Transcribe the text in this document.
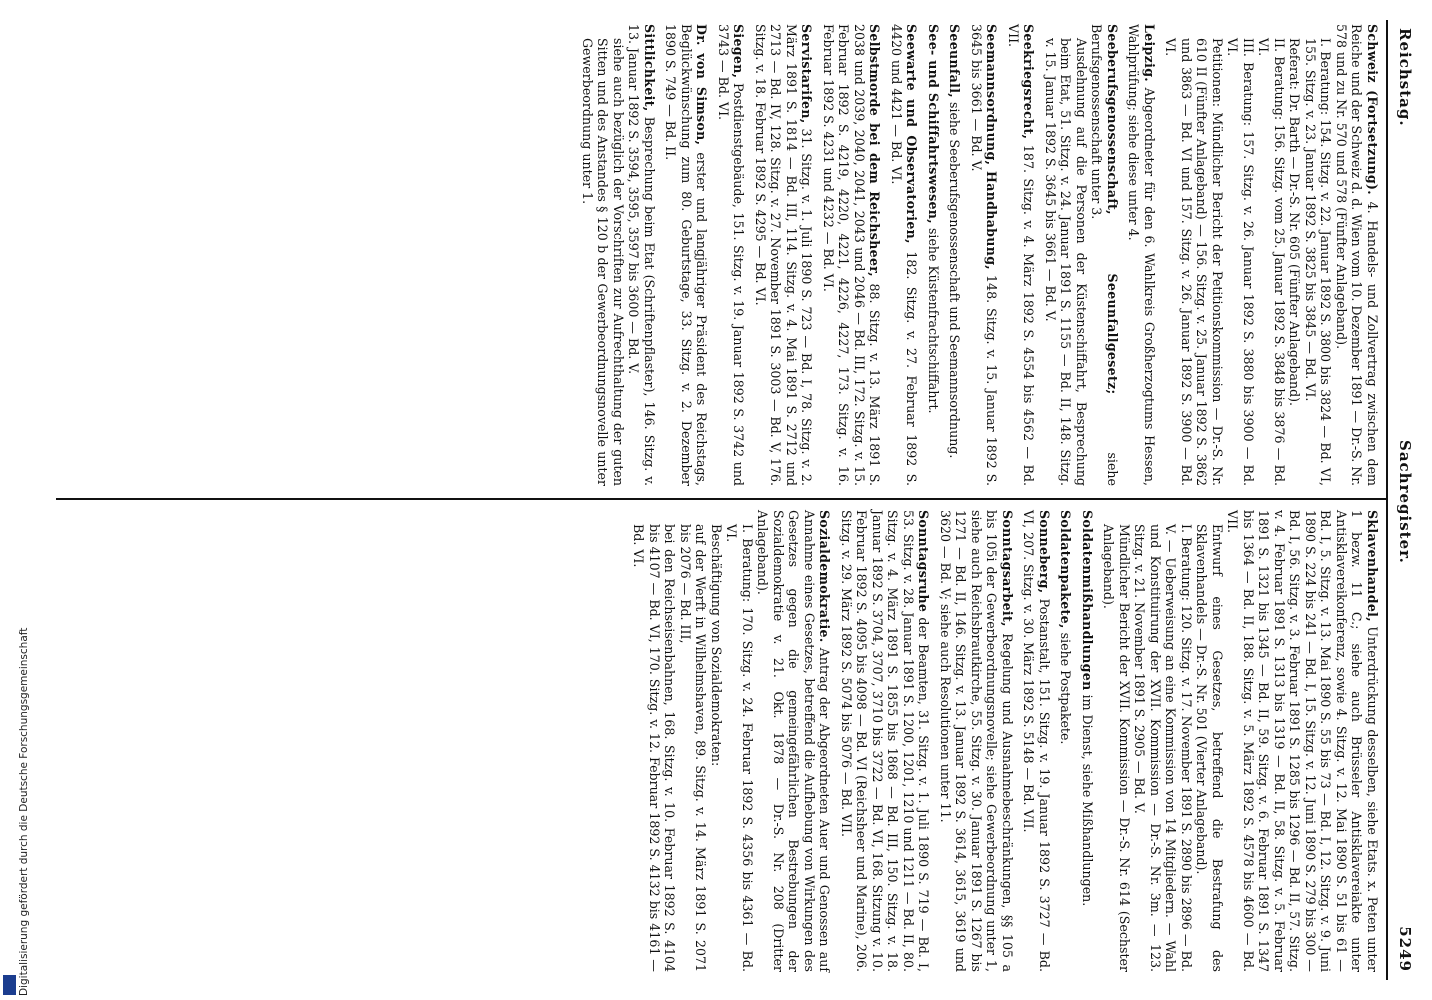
Reichstag.
Sachregister.
5249
Schweiz (Fortsetzung). 4. Handels- und Zollvertrag zwischen dem Reiche und der Schweiz d. d. Wien vom 10. Dezember 1891 — Dr.-S. Nr. 578 und zu Nr. 570 und 578 (Fünfter Anlageband).
I. Beratung: 154. Sitzg. v. 22. Januar 1892 S. 3800 bis 3824 — Bd. VI, 155. Sitzg. v. 23. Januar 1892 S. 3825 bis 3845 — Bd. VI.
Referat: Dr. Barth — Dr.-S. Nr. 605 (Fünfter Anlageband).
II. Beratung: 156. Sitzg. vom 25. Januar 1892 S. 3848 bis 3876 — Bd. VI.
III. Beratung: 157. Sitzg. v. 26. Januar 1892 S. 3880 bis 3900 — Bd. VI.
Petitionen: Mündlicher Bericht der Petitionskommission — Dr.-S. Nr. 610 II (Fünfter Anlageband) — 156. Sitzg. v. 25. Januar 1892 S. 3862 und 3863 — Bd. VI und 157. Sitzg. v. 26. Januar 1892 S. 3900 — Bd. VI.
Leipzig. Abgeordneter für den 6. Wahlkreis Großherzogtums Hessen, Wahlprüfung; siehe diese unter 4.
Seeberufsgenossenschaft, Seeunfallgesetz; siehe Berufsgenossenschaft unter 3.
Ausdehnung auf die Personen der Küstenschiffahrt, Besprechung beim Etat, 51. Sitzg. v. 24. Januar 1891 S. 1155 — Bd. II, 148. Sitzg. v. 15. Januar 1892 S. 3645 bis 3661 — Bd. V.
Seekriegsrecht, 187. Sitzg. v. 4. März 1892 S. 4554 bis 4562 — Bd. VII.
Seemannsordnung, Handhabung, 148. Sitzg. v. 15. Januar 1892 S. 3645 bis 3661 — Bd. V.
Seeunfall, siehe Seeberufsgenossenschaft und Seemannsordnung.
See- und Schiffahrtswesen, siehe Küstenfrachtschiffahrt.
Seewarte und Observatorien, 182. Sitzg. v. 27. Februar 1892 S. 4420 und 4421 — Bd. VI.
Selbstmorde bei dem Reichsheer, 88. Sitzg. v. 13. März 1891 S. 2038 und 2039, 2040, 2041, 2043 und 2046 — Bd. III, 172. Sitzg. v. 15. Februar 1892 S. 4219, 4220, 4221, 4226, 4227, 173. Sitzg. v. 16. Februar 1892 S. 4231 und 4232 — Bd. VI.
Servistarifen, 31. Sitzg. v. 1. Juli 1890 S. 723 — Bd. I, 78. Sitzg. v. 2. März 1891 S. 1814 — Bd. III, 114. Sitzg. v. 4. Mai 1891 S. 2712 und 2713 — Bd. IV, 128. Sitzg. v. 27. November 1891 S. 3003 — Bd. V, 176. Sitzg. v. 18. Februar 1892 S. 4295 — Bd. VI.
Siegen, Postdienstgebäude, 151. Sitzg. v. 19. Januar 1892 S. 3742 und 3743 — Bd. VI.
Dr. von Simson, erster und langjähriger Präsident des Reichstags, Beglückwünschung zum 80. Geburtstage, 33. Sitzg. v. 2. Dezember 1890 S. 749 — Bd. II.
Sittlichkeit, Besprechung beim Etat (Schriftenpflaster), 146. Sitzg. v. 13. Januar 1892 S. 3594, 3595, 3597 bis 3600 — Bd. V.
siehe auch bezüglich der Vorschriften zur Aufrechthaltung der guten Sitten und des Anstandes § 120 b der Gewerbeordnungsnovelle unter Gewerbeordnung unter 1.
Sklavenhandel, Unterdrückung desselben, siehe Etats. x. Peten unter 1 bezw. 11 C.; siehe auch Brüsseler Antisklavereiakte unter Antisklavereikonferenz, sowie 4. Sitzg. v. 12. Mai 1890 S. 51 bis 61 — Bd. I, 5. Sitzg. v. 13. Mai 1890 S. 55 bis 73 — Bd. I, 12. Sitzg. v. 9. Juni 1890 S. 224 bis 241 — Bd. I, 15. Sitzg. v. 12. Juni 1890 S. 279 bis 300 — Bd. I, 56. Sitzg. v. 3. Februar 1891 S. 1285 bis 1296 — Bd. II, 57. Sitzg. v. 4. Februar 1891 S. 1313 bis 1319 — Bd. II, 58. Sitzg. v. 5. Februar 1891 S. 1321 bis 1345 — Bd. II, 59. Sitzg. v. 6. Februar 1891 S. 1347 bis 1364 — Bd. II, 188. Sitzg. v. 5. März 1892 S. 4578 bis 4600 — Bd. VII.
Entwurf eines Gesetzes, betreffend die Bestrafung des Sklavenhandels — Dr.-S. Nr. 501 (Vierter Anlageband).
I. Beratung: 120. Sitzg. v. 17. November 1891 S. 2890 bis 2896 — Bd. V. — Ueberweisung an eine Kommission von 14 Mitgliedern. — Wahl und Konstituirung der XVII. Kommission — Dr.-S. Nr. 3m. — 123. Sitzg. v. 21. November 1891 S. 2905 — Bd. V.
Mündlicher Bericht der XVII. Kommission — Dr.-S. Nr. 614 (Sechster Anlageband).
Soldatenmißhandlungen im Dienst, siehe Mißhandlungen.
Soldatenpakete, siehe Postpakete.
Sonneberg, Postanstalt, 151. Sitzg. v. 19. Januar 1892 S. 3727 — Bd. VI, 207. Sitzg. v. 30. März 1892 S. 5148 — Bd. VII.
Sonntagsarbeit, Regelung und Ausnahmebeschränkungen, §§ 105 a bis 105i der Gewerbeordnungsnovelle; siehe Gewerbeordnung unter 1, siehe auch Reichsbrautkirche, 55. Sitzg. v. 30. Januar 1891 S. 1267 bis 1271 — Bd. II, 146. Sitzg. v. 13. Januar 1892 S. 3614, 3615, 3619 und 3620 — Bd. V; siehe auch Resolutionen unter 11.
Sonntagsruhe der Beamten, 31. Sitzg. v. 1. Juli 1890 S. 719 — Bd. I, 53. Sitzg. v. 28. Januar 1891 S. 1200, 1201, 1210 und 1211 — Bd. II, 80. Sitzg. v. 4. März 1891 S. 1855 bis 1868 — Bd. III, 150. Sitzg. v. 18. Januar 1892 S. 3704, 3707, 3710 bis 3722 — Bd. VI, 168. Sitzung v. 10. Februar 1892 S. 4095 bis 4098 — Bd. VI (Reichsheer und Marine), 206. Sitzg. v. 29. März 1892 S. 5074 bis 5076 — Bd. VII.
Sozialdemokratie. Antrag der Abgeordneten Auer und Genossen auf Annahme eines Gesetzes, betreffend die Aufhebung von Wirkungen des Gesetzes gegen die gemeingefährlichen Bestrebungen der Sozialdemokratie v. 21. Okt. 1878 — Dr.-S. Nr. 208 (Dritter Anlageband).
I. Beratung: 170. Sitzg. v. 24. Februar 1892 S. 4356 bis 4361 — Bd. VI.
Beschäftigung von Sozialdemokraten:
auf der Werft in Wilhelmshaven, 89. Sitzg. v. 14. März 1891 S. 2071 bis 2076 — Bd. III,
bei den Reichseisenbahnen, 168. Sitzg. v. 10. Februar 1892 S. 4104 bis 4107 — Bd. VI, 170. Sitzg. v. 12. Februar 1892 S. 4132 bis 4161 — Bd. VI.
Digitalisierung gefördert durch die Deutsche Forschungsgemeinschaft
